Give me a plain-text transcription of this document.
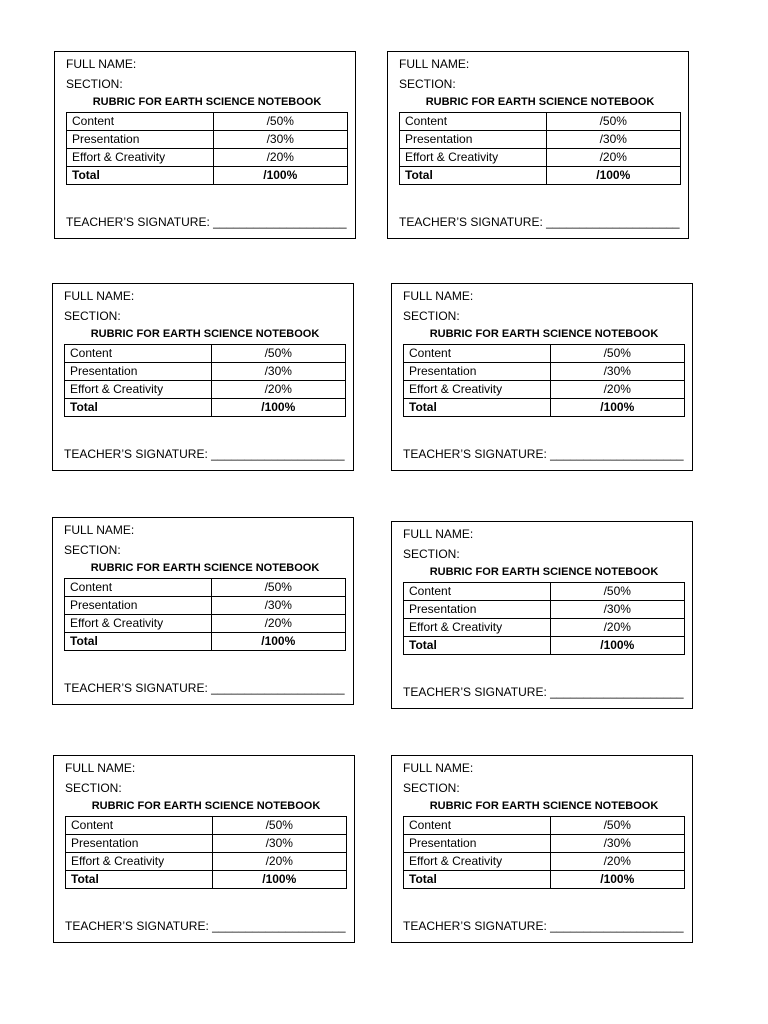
FULL NAME:
SECTION:
RUBRIC FOR EARTH SCIENCE NOTEBOOK
Content	/50%
Presentation	/30%
Effort & Creativity	/20%
Total	/100%
TEACHER’S SIGNATURE: ____________________
FULL NAME:
SECTION:
RUBRIC FOR EARTH SCIENCE NOTEBOOK
Content	/50%
Presentation	/30%
Effort & Creativity	/20%
Total	/100%
TEACHER’S SIGNATURE: ____________________
FULL NAME:
SECTION:
RUBRIC FOR EARTH SCIENCE NOTEBOOK
Content	/50%
Presentation	/30%
Effort & Creativity	/20%
Total	/100%
TEACHER’S SIGNATURE: ____________________
FULL NAME:
SECTION:
RUBRIC FOR EARTH SCIENCE NOTEBOOK
Content	/50%
Presentation	/30%
Effort & Creativity	/20%
Total	/100%
TEACHER’S SIGNATURE: ____________________
FULL NAME:
SECTION:
RUBRIC FOR EARTH SCIENCE NOTEBOOK
Content	/50%
Presentation	/30%
Effort & Creativity	/20%
Total	/100%
TEACHER’S SIGNATURE: ____________________
FULL NAME:
SECTION:
RUBRIC FOR EARTH SCIENCE NOTEBOOK
Content	/50%
Presentation	/30%
Effort & Creativity	/20%
Total	/100%
TEACHER’S SIGNATURE: ____________________
FULL NAME:
SECTION:
RUBRIC FOR EARTH SCIENCE NOTEBOOK
Content	/50%
Presentation	/30%
Effort & Creativity	/20%
Total	/100%
TEACHER’S SIGNATURE: ____________________
FULL NAME:
SECTION:
RUBRIC FOR EARTH SCIENCE NOTEBOOK
Content	/50%
Presentation	/30%
Effort & Creativity	/20%
Total	/100%
TEACHER’S SIGNATURE: ____________________
